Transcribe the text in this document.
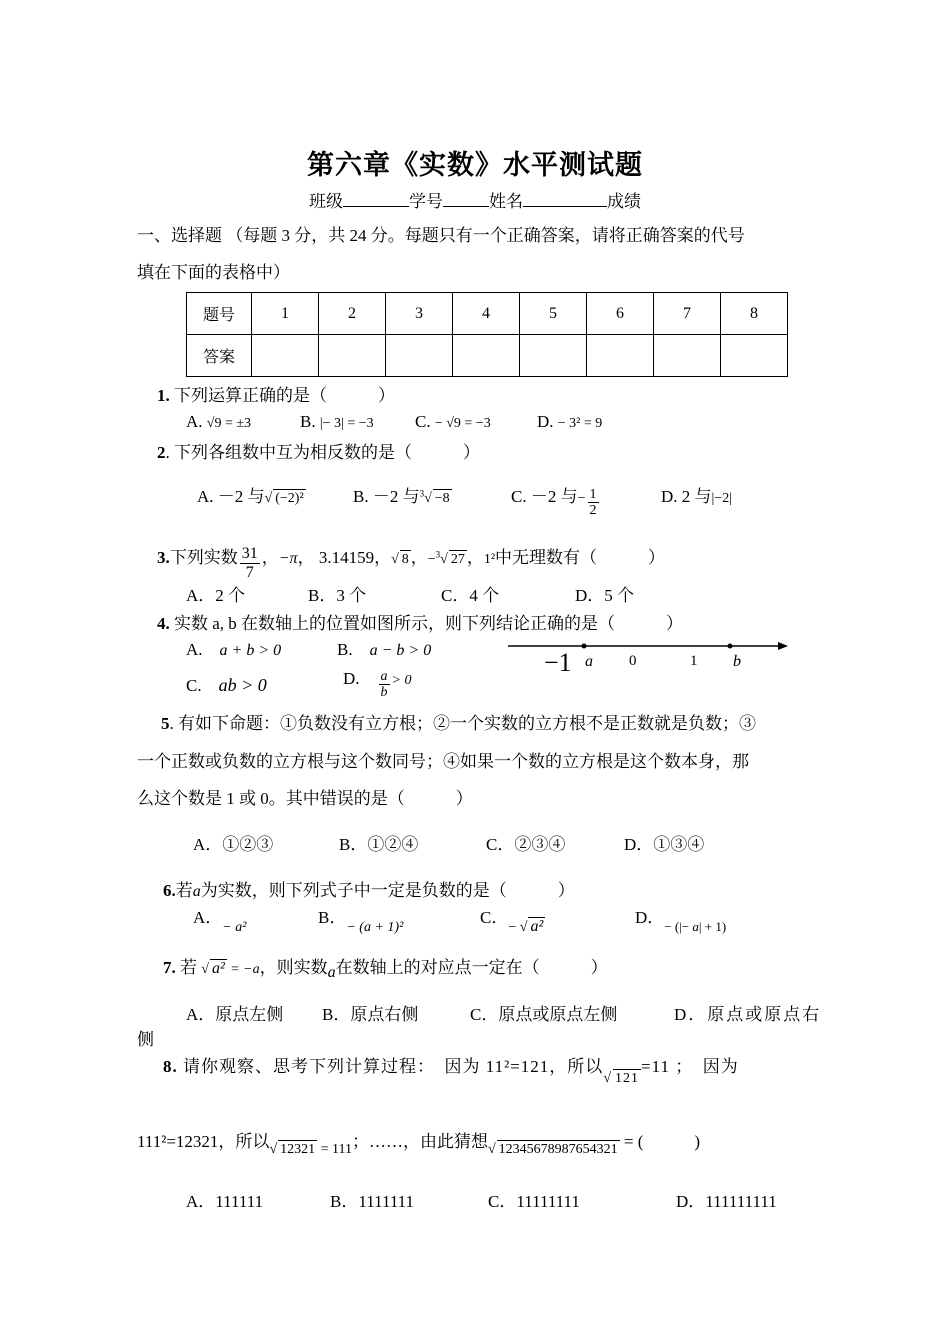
第六章《实数》水平测试题
班级	学号	姓名	成绩
一、选择题 （每题 3 分，共 24 分。每题只有一个正确答案，请将正确答案的代号
填在下面的表格中）
题号	1	2	3	4	5	6	7	8
答案								
1. 下列运算正确的是（　　　）
A. √9 = ±3	B. |− 3| = −3 C. − √9 = −3	D. − 3² = 9
2. 下列各组数中互为相反数的是（　　　）
A. －2 与√ (−2)²	B. －2 与$^3$√ −8	C. －2 与− $\frac{1}{2}$	D. 2 与|−2|
3.下列实数 $\frac{31}{7}$ ，−π， 3.14159，√ 8 ，−$^3$√ 27 ，1²中无理数有（　　　）
A．2 个	B．3 个	C．4 个	D．5 个
4. 实数 a, b 在数轴上的位置如图所示，则下列结论正确的是（　　　）
A.　 a + b > 0	B.　 a − b > 0
C.　 ab > 0	D.　 $\frac{a}{b} > 0$
−1 a 0	1 b
5. 有如下命题：①负数没有立方根；②一个实数的立方根不是正数就是负数；③
一个正数或负数的立方根与这个数同号；④如果一个数的立方根是这个数本身，那
么这个数是 1 或 0。其中错误的是（　　　）
A．①②③	B．①②④	C．②③④	D．①③④
6.若a为实数，则下列式子中一定是负数的是（　　　）
A．$_{- a^2}$
B．$_{- (a + 1)^2}$
C．$_{- √ a^2}$	D．$_{- (|- a| + 1)}$
7. 若 √ a² = −a，则实数a在数轴上的对应点一定在（　　　）
A．原点左侧 B．原点右侧	C．原点或原点左侧	D．原点或原点右
侧
8. 请你观察、思考下列计算过程：　因为 11²=121，所以$_{√ 121}$=11 ；　因为
111²=12321，所以$_{√ 12321 = 111}$；……，由此猜想$_{√ 12345678987654321}$ = (　　　)
A．111111	B．1111111	C．11111111	D．111111111
